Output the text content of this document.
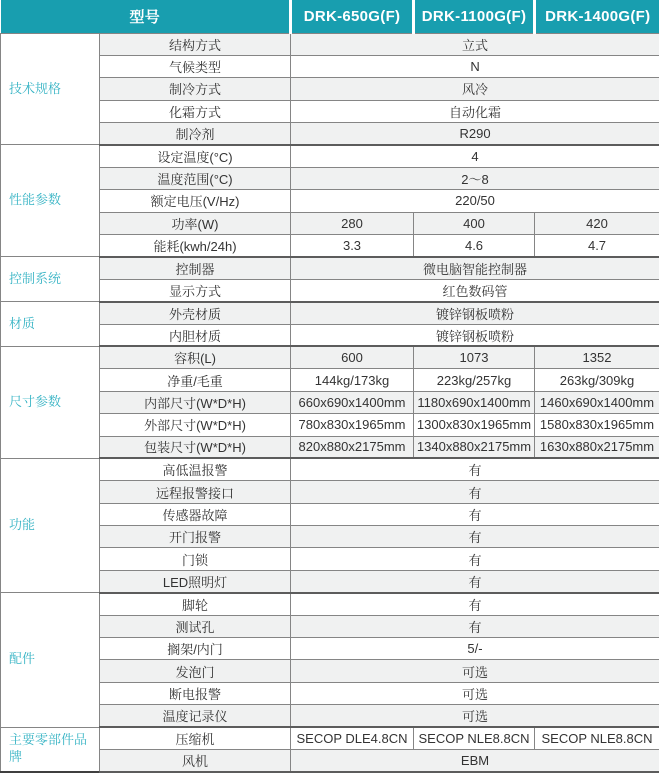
型号		DRK-650G(F)	DRK-1100G(F)	DRK-1400G(F)
技术规格	结构方式	立式		
	气候类型	N		
	制冷方式	风冷		
	化霜方式	自动化霜		
	制冷剂	R290		
性能参数	设定温度(°C)	4		
	温度范围(°C)	2～8		
	额定电压(V/Hz)	220/50		
	功率(W)	280	400	420
	能耗(kwh/24h)	3.3	4.6	4.7
控制系统	控制器	微电脑智能控制器		
	显示方式	红色数码管		
材质	外壳材质	镀锌钢板喷粉		
	内胆材质	镀锌钢板喷粉		
尺寸参数	容积(L)	600	1073	1352
	净重/毛重	144kg/173kg	223kg/257kg	263kg/309kg
	内部尺寸(W*D*H)	660x690x1400mm	1180x690x1400mm	1460x690x1400mm
	外部尺寸(W*D*H)	780x830x1965mm	1300x830x1965mm	1580x830x1965mm
	包装尺寸(W*D*H)	820x880x2175mm	1340x880x2175mm	1630x880x2175mm
功能	高低温报警	有		
	远程报警接口	有		
	传感器故障	有		
	开门报警	有		
	门锁	有		
	LED照明灯	有		
配件	脚轮	有		
	测试孔	有		
	搁架/内门	5/-		
	发泡门	可选		
	断电报警	可选		
	温度记录仪	可选		
主要零部件品牌	压缩机	SECOP DLE4.8CN	SECOP NLE8.8CN	SECOP NLE8.8CN
	风机	EBM		
